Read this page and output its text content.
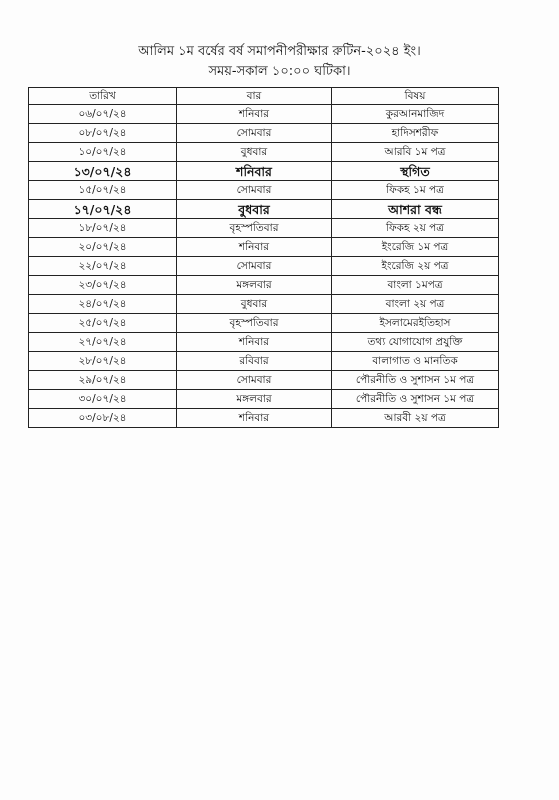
আলিম ১ম বর্ষের বর্ষ সমাপনীপরীক্ষার রুটিন-২০২৪ ইং।
সময়-সকাল ১০:০০ ঘটিকা।
তারিখ	বার	বিষয়
০৬/০৭/২৪	শনিবার	কুরআনমাজিদ
০৮/০৭/২৪	সোমবার	হাদিসশরীফ
১০/০৭/২৪	বুধবার	আরবি ১ম পত্র
১৩/০৭/২৪	শনিবার	স্থগিত
১৫/০৭/২৪	সোমবার	ফিকহ ১ম পত্র
১৭/০৭/২৪	বুধবার	আশরা বন্ধ
১৮/০৭/২৪	বৃহস্পতিবার	ফিকহ ২য় পত্র
২০/০৭/২৪	শনিবার	ইংরেজি ১ম পত্র
২২/০৭/২৪	সোমবার	ইংরেজি ২য় পত্র
২৩/০৭/২৪	মঙ্গলবার	বাংলা ১মপত্র
২৪/০৭/২৪	বুধবার	বাংলা ২য় পত্র
২৫/০৭/২৪	বৃহস্পতিবার	ইসলামেরইতিহাস
২৭/০৭/২৪	শনিবার	তথ্য যোগাযোগ প্রযুক্তি
২৮/০৭/২৪	রবিবার	বালাগাত ও মানতিক
২৯/০৭/২৪	সোমবার	পৌরনীতি ও সুশাসন ১ম পত্র
৩০/০৭/২৪	মঙ্গলবার	পৌরনীতি ও সুশাসন ১ম পত্র
০৩/০৮/২৪	শনিবার	আরবী ২য় পত্র
